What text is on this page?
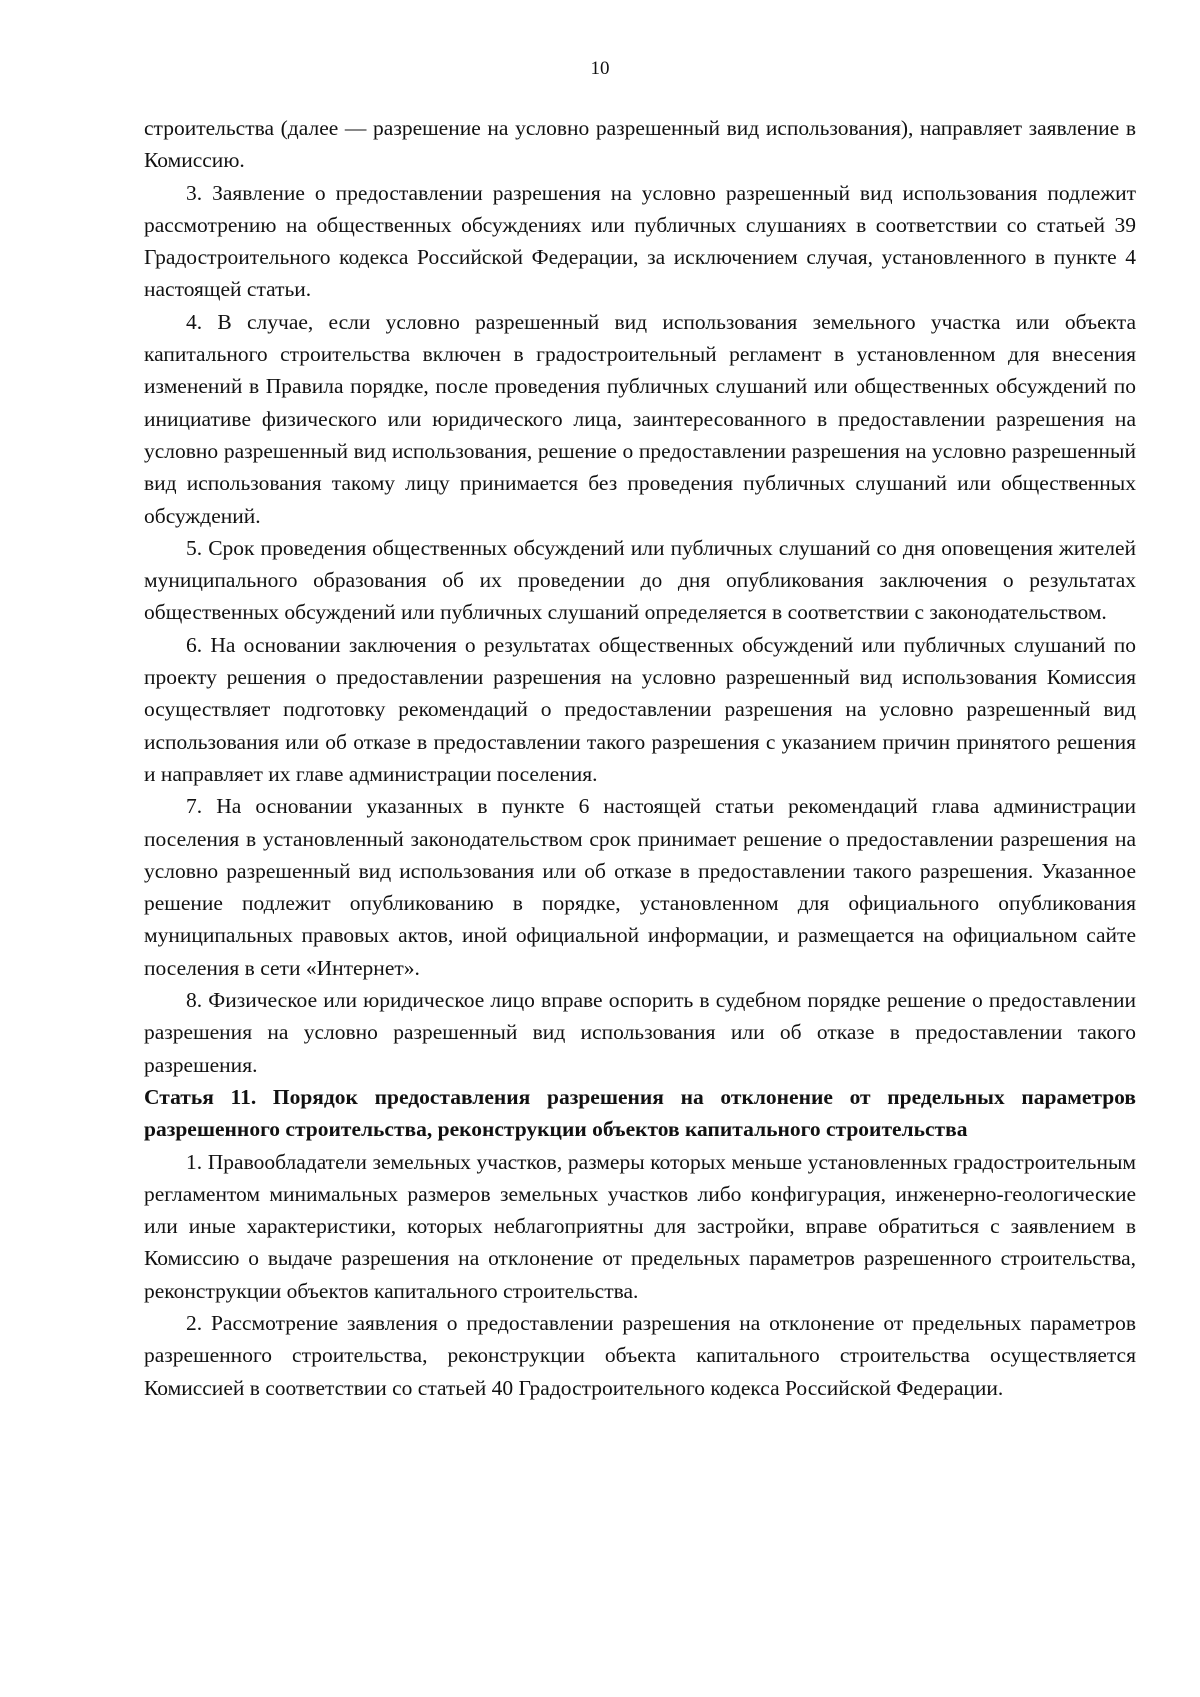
10

строительства (далее — разрешение на условно разрешенный вид использования), направляет заявление в Комиссию.

3. Заявление о предоставлении разрешения на условно разрешенный вид использования подлежит рассмотрению на общественных обсуждениях или публичных слушаниях в соответствии со статьей 39 Градостроительного кодекса Российской Федерации, за исключением случая, установленного в пункте 4 настоящей статьи.

4. В случае, если условно разрешенный вид использования земельного участка или объекта капитального строительства включен в градостроительный регламент в установленном для внесения изменений в Правила порядке, после проведения публичных слушаний или общественных обсуждений по инициативе физического или юридического лица, заинтересованного в предоставлении разрешения на условно разрешенный вид использования, решение о предоставлении разрешения на условно разрешенный вид использования такому лицу принимается без проведения публичных слушаний или общественных обсуждений.

5. Срок проведения общественных обсуждений или публичных слушаний со дня оповещения жителей муниципального образования об их проведении до дня опубликования заключения о результатах общественных обсуждений или публичных слушаний определяется в соответствии с законодательством.

6. На основании заключения о результатах общественных обсуждений или публичных слушаний по проекту решения о предоставлении разрешения на условно разрешенный вид использования Комиссия осуществляет подготовку рекомендаций о предоставлении разрешения на условно разрешенный вид использования или об отказе в предоставлении такого разрешения с указанием причин принятого решения и направляет их главе администрации поселения.

7. На основании указанных в пункте 6 настоящей статьи рекомендаций глава администрации поселения в установленный законодательством срок принимает решение о предоставлении разрешения на условно разрешенный вид использования или об отказе в предоставлении такого разрешения. Указанное решение подлежит опубликованию в порядке, установленном для официального опубликования муниципальных правовых актов, иной официальной информации, и размещается на официальном сайте поселения в сети «Интернет».

8. Физическое или юридическое лицо вправе оспорить в судебном порядке решение о предоставлении разрешения на условно разрешенный вид использования или об отказе в предоставлении такого разрешения.

Статья 11. Порядок предоставления разрешения на отклонение от предельных параметров разрешенного строительства, реконструкции объектов капитального строительства

1. Правообладатели земельных участков, размеры которых меньше установленных градостроительным регламентом минимальных размеров земельных участков либо конфигурация, инженерно-геологические или иные характеристики, которых неблагоприятны для застройки, вправе обратиться с заявлением в Комиссию о выдаче разрешения на отклонение от предельных параметров разрешенного строительства, реконструкции объектов капитального строительства.

2. Рассмотрение заявления о предоставлении разрешения на отклонение от предельных параметров разрешенного строительства, реконструкции объекта капитального строительства осуществляется Комиссией в соответствии со статьей 40 Градостроительного кодекса Российской Федерации.
